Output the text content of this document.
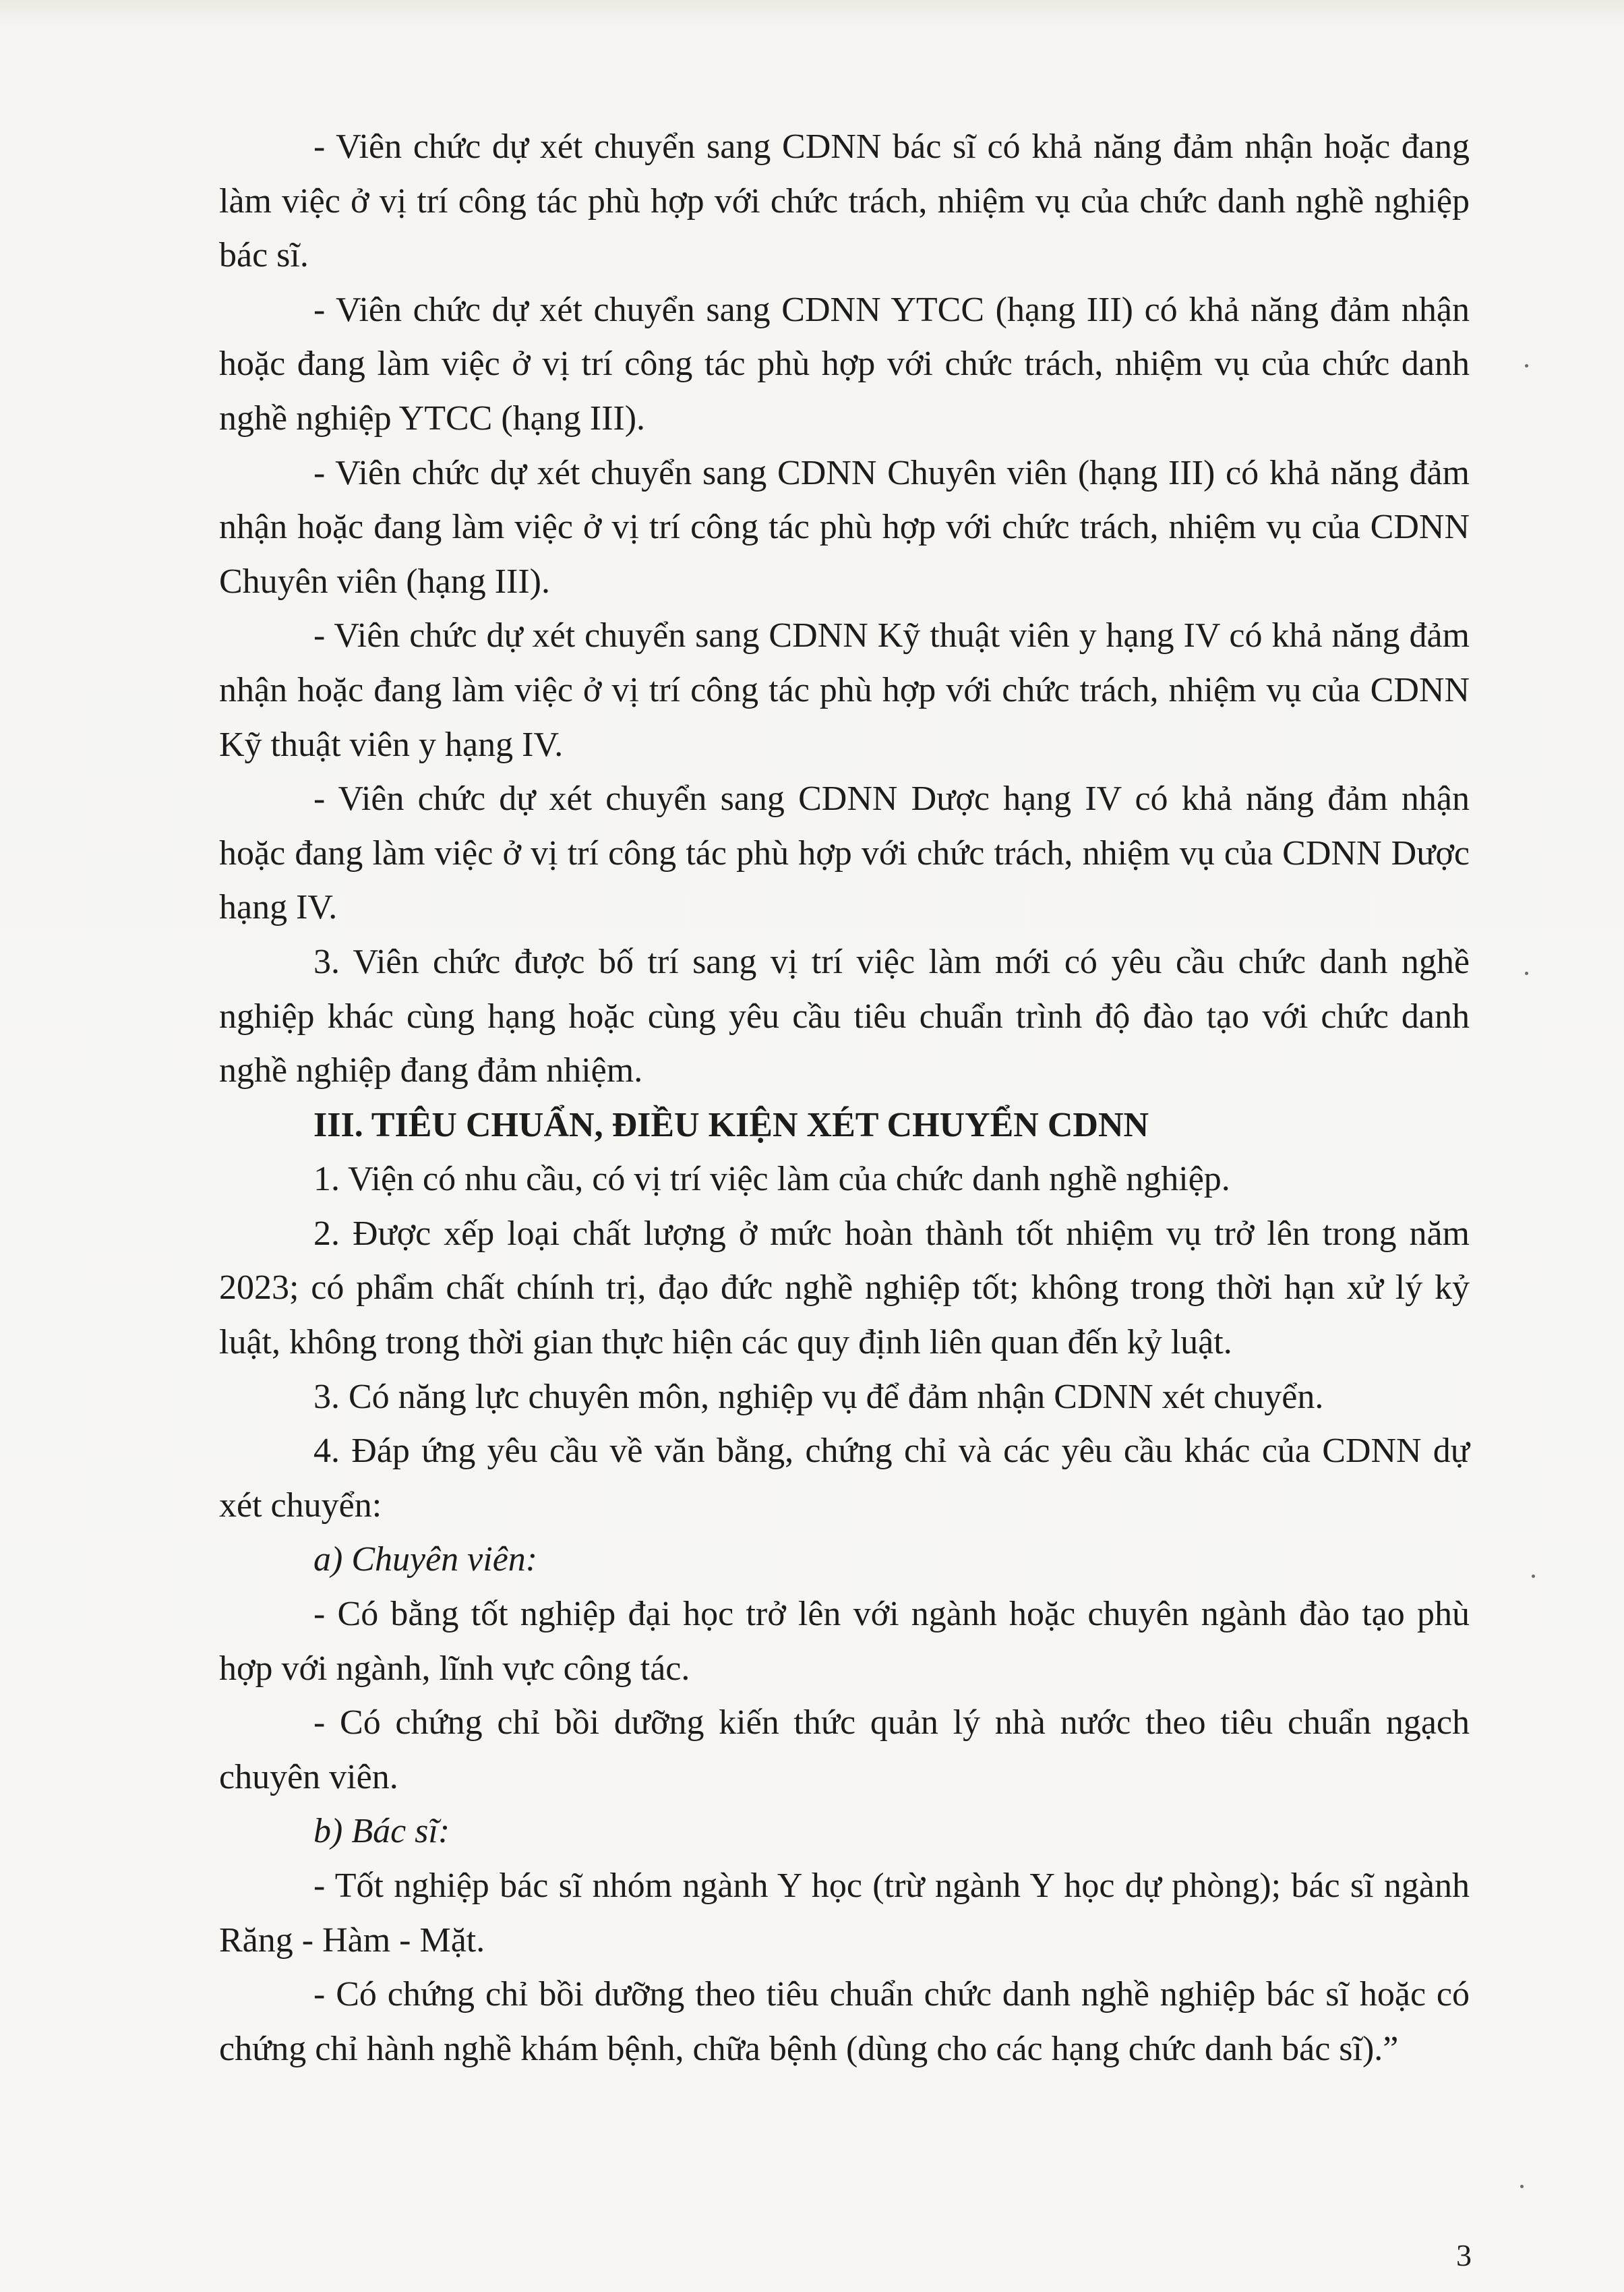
- Viên chức dự xét chuyển sang CDNN bác sĩ có khả năng đảm nhận hoặc đang làm việc ở vị trí công tác phù hợp với chức trách, nhiệm vụ của chức danh nghề nghiệp bác sĩ.

- Viên chức dự xét chuyển sang CDNN YTCC (hạng III) có khả năng đảm nhận hoặc đang làm việc ở vị trí công tác phù hợp với chức trách, nhiệm vụ của chức danh nghề nghiệp YTCC (hạng III).

- Viên chức dự xét chuyển sang CDNN Chuyên viên (hạng III) có khả năng đảm nhận hoặc đang làm việc ở vị trí công tác phù hợp với chức trách, nhiệm vụ của CDNN Chuyên viên (hạng III).

- Viên chức dự xét chuyển sang CDNN Kỹ thuật viên y hạng IV có khả năng đảm nhận hoặc đang làm việc ở vị trí công tác phù hợp với chức trách, nhiệm vụ của CDNN Kỹ thuật viên y hạng IV.

- Viên chức dự xét chuyển sang CDNN Dược hạng IV có khả năng đảm nhận hoặc đang làm việc ở vị trí công tác phù hợp với chức trách, nhiệm vụ của CDNN Dược hạng IV.

3. Viên chức được bố trí sang vị trí việc làm mới có yêu cầu chức danh nghề nghiệp khác cùng hạng hoặc cùng yêu cầu tiêu chuẩn trình độ đào tạo với chức danh nghề nghiệp đang đảm nhiệm.

III. TIÊU CHUẨN, ĐIỀU KIỆN XÉT CHUYỂN CDNN

1. Viện có nhu cầu, có vị trí việc làm của chức danh nghề nghiệp.

2. Được xếp loại chất lượng ở mức hoàn thành tốt nhiệm vụ trở lên trong năm 2023; có phẩm chất chính trị, đạo đức nghề nghiệp tốt; không trong thời hạn xử lý kỷ luật, không trong thời gian thực hiện các quy định liên quan đến kỷ luật.

3. Có năng lực chuyên môn, nghiệp vụ để đảm nhận CDNN xét chuyển.

4. Đáp ứng yêu cầu về văn bằng, chứng chỉ và các yêu cầu khác của CDNN dự xét chuyển:

a) Chuyên viên:

- Có bằng tốt nghiệp đại học trở lên với ngành hoặc chuyên ngành đào tạo phù hợp với ngành, lĩnh vực công tác.

- Có chứng chỉ bồi dưỡng kiến thức quản lý nhà nước theo tiêu chuẩn ngạch chuyên viên.

b) Bác sĩ:

- Tốt nghiệp bác sĩ nhóm ngành Y học (trừ ngành Y học dự phòng); bác sĩ ngành Răng - Hàm - Mặt.

- Có chứng chỉ bồi dưỡng theo tiêu chuẩn chức danh nghề nghiệp bác sĩ hoặc có chứng chỉ hành nghề khám bệnh, chữa bệnh (dùng cho các hạng chức danh bác sĩ).”

3
